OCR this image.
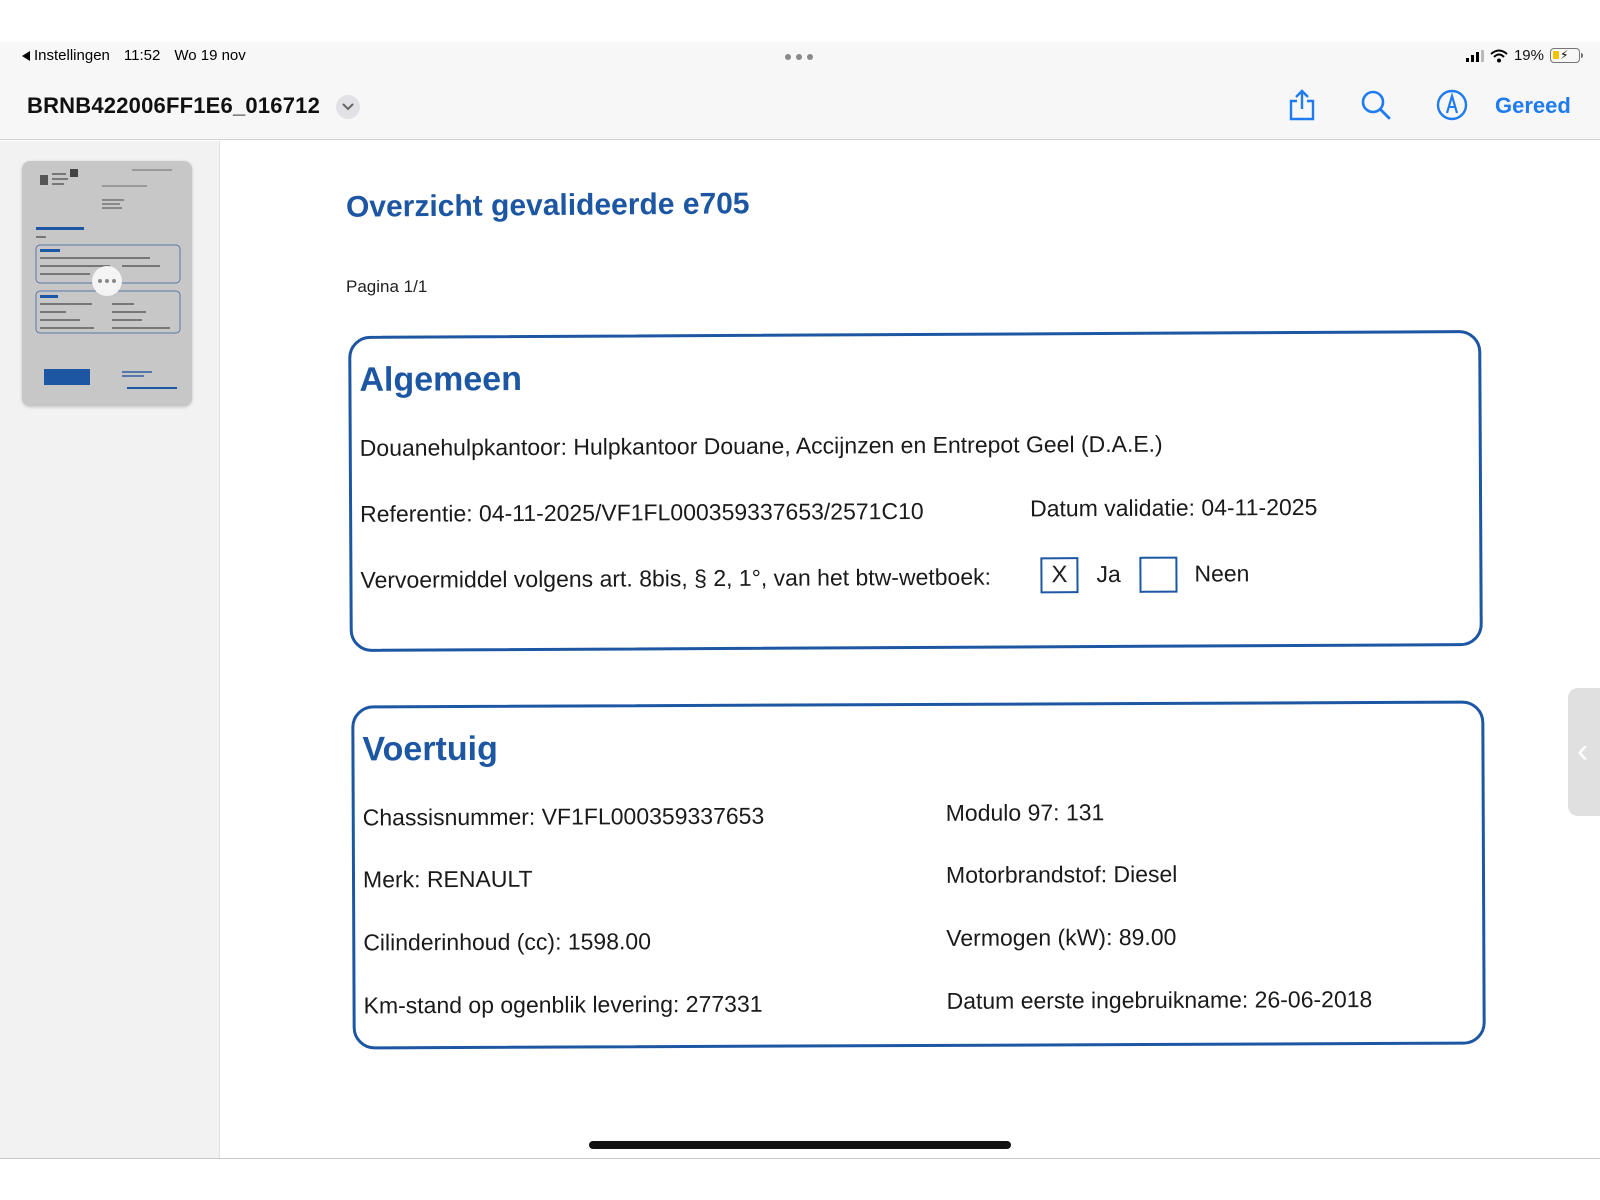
Instellingen 11:52 Wo 19 nov	19% ⚡
BRNB422006FF1E6_016712	Gereed
Overzicht gevalideerde e705
Pagina 1/1
Algemeen
Douanehulpkantoor: Hulpkantoor Douane, Accijnzen en Entrepot Geel (D.A.E.)
Referentie: 04-11-2025/VF1FL000359337653/2571C10	Datum validatie: 04-11-2025
Vervoermiddel volgens art. 8bis, § 2, 1°, van het btw-wetboek:	X Ja	Neen
Voertuig
Chassisnummer: VF1FL000359337653	Modulo 97: 131
Merk: RENAULT	Motorbrandstof: Diesel
Cilinderinhoud (cc): 1598.00	Vermogen (kW): 89.00
Km-stand op ogenblik levering: 277331	Datum eerste ingebruikname: 26-06-2018
‹
